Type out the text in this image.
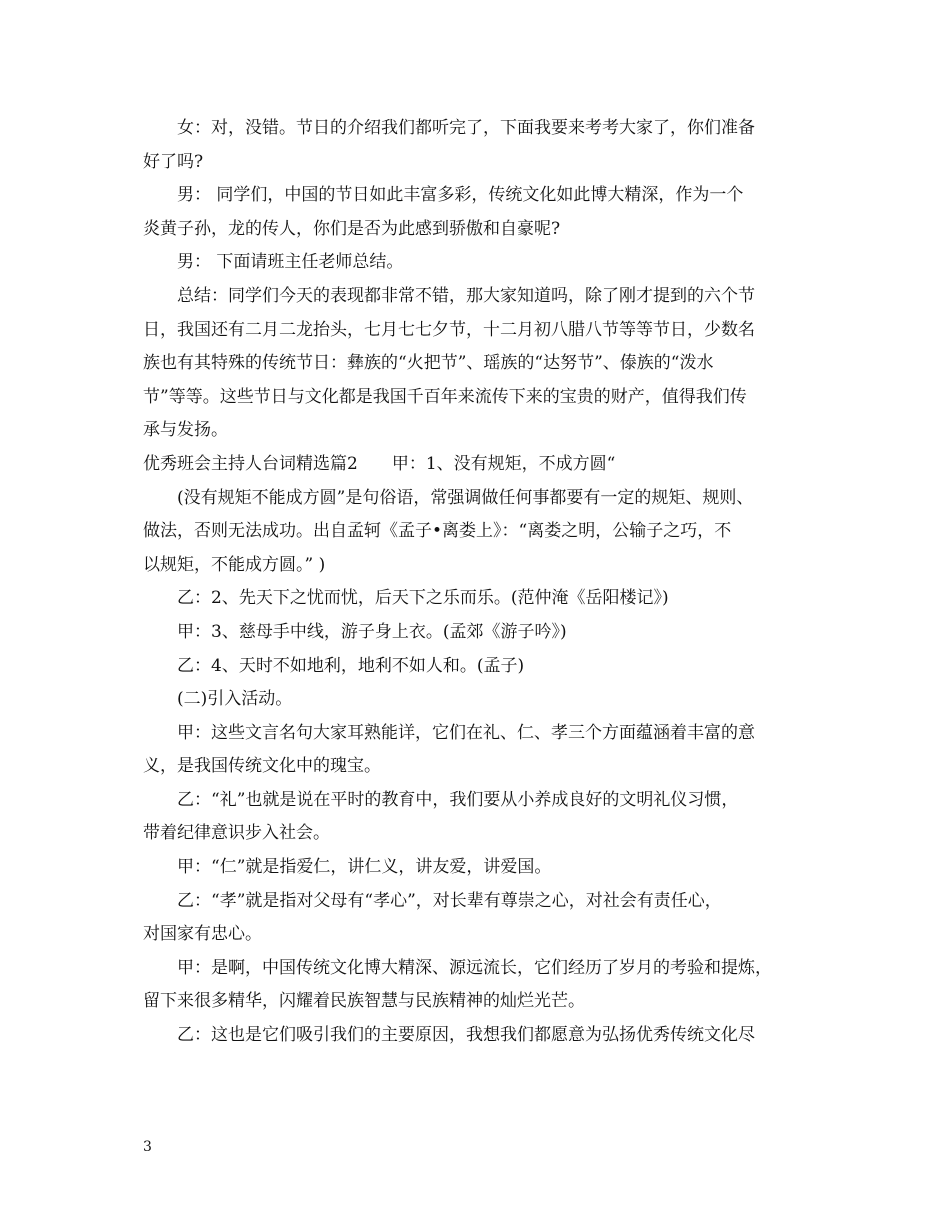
女：对，没错。节日的介绍我们都听完了，下面我要来考考大家了，你们准备
好了吗?

男： 同学们，中国的节日如此丰富多彩，传统文化如此博大精深，作为一个
炎黄子孙，龙的传人，你们是否为此感到骄傲和自豪呢?

男： 下面请班主任老师总结。

总结：同学们今天的表现都非常不错，那大家知道吗，除了刚才提到的六个节
日，我国还有二月二龙抬头，七月七七夕节，十二月初八腊八节等等节日，少数名
族也有其特殊的传统节日：彝族的“火把节”、瑶族的“达努节”、傣族的“泼水
节”等等。这些节日与文化都是我国千百年来流传下来的宝贵的财产，值得我们传
承与发扬。

优秀班会主持人台词精选篇2　　甲：1、没有规矩，不成方圆“

(没有规矩不能成方圆”是句俗语，常强调做任何事都要有一定的规矩、规则、
做法，否则无法成功。出自孟轲《孟子•离娄上》：“离娄之明，公输子之巧，不
以规矩，不能成方圆。” )

乙：2、先天下之忧而忧，后天下之乐而乐。(范仲淹《岳阳楼记》)

甲：3、慈母手中线，游子身上衣。(孟郊《游子吟》)

乙：4、天时不如地利，地利不如人和。(孟子)

(二)引入活动。

甲：这些文言名句大家耳熟能详，它们在礼、仁、孝三个方面蕴涵着丰富的意
义，是我国传统文化中的瑰宝。

乙：“礼”也就是说在平时的教育中，我们要从小养成良好的文明礼仪习惯，
带着纪律意识步入社会。

甲：“仁”就是指爱仁，讲仁义，讲友爱，讲爱国。

乙：“孝”就是指对父母有“孝心”，对长辈有尊崇之心，对社会有责任心，
对国家有忠心。

甲：是啊，中国传统文化博大精深、源远流长，它们经历了岁月的考验和提炼，
留下来很多精华，闪耀着民族智慧与民族精神的灿烂光芒。

乙：这也是它们吸引我们的主要原因，我想我们都愿意为弘扬优秀传统文化尽

3
